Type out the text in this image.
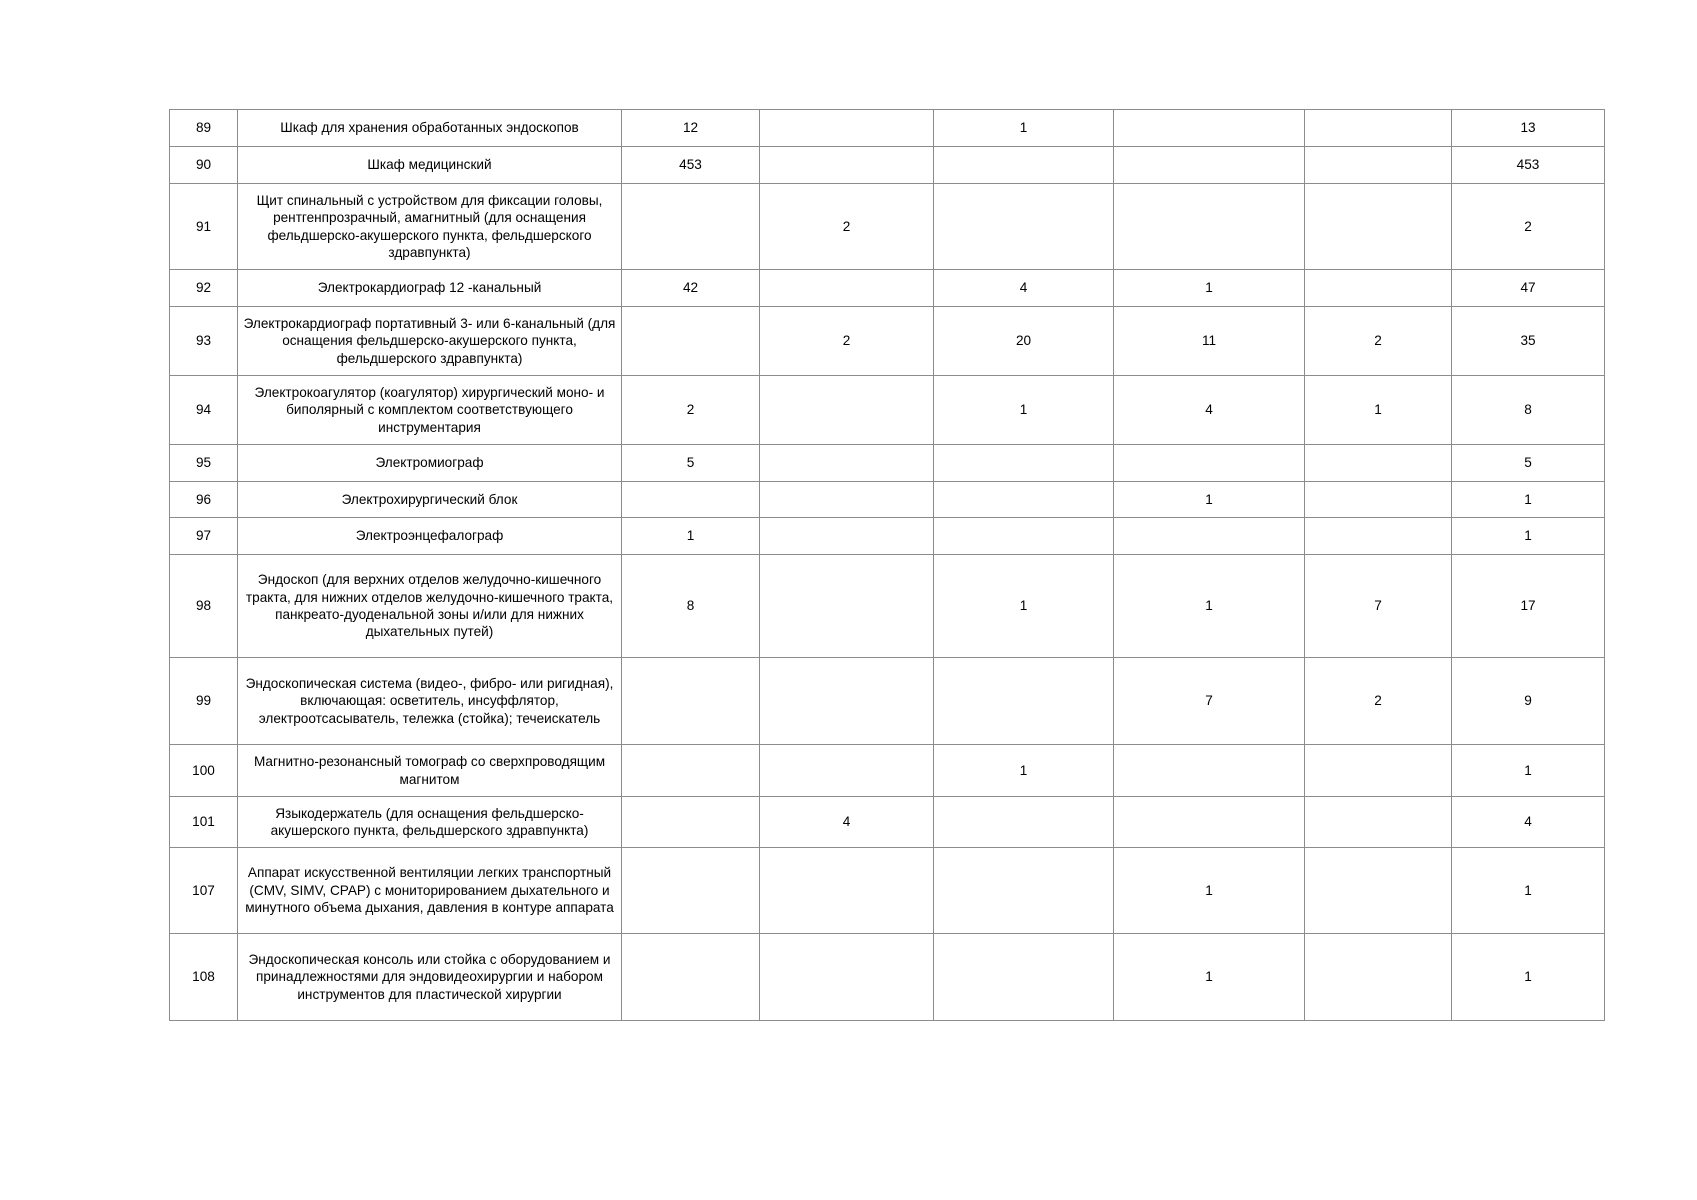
89	Шкаф для хранения обработанных эндоскопов	12		1			13
90	Шкаф медицинский	453					453
91	Щит спинальный с устройством для фиксации головы, рентгенпрозрачный, амагнитный (для оснащения фельдшерско-акушерского пункта, фельдшерского здравпункта)		2				2
92	Электрокардиограф 12 -канальный	42		4	1		47
93	Электрокардиограф портативный 3- или 6-канальный (для оснащения фельдшерско-акушерского пункта, фельдшерского здравпункта)		2	20	11	2	35
94	Электрокоагулятор (коагулятор) хирургический моно- и биполярный с комплектом соответствующего инструментария	2		1	4	1	8
95	Электромиограф	5					5
96	Электрохирургический блок				1		1
97	Электроэнцефалограф	1					1
98	Эндоскоп (для верхних отделов желудочно-кишечного тракта, для нижних отделов желудочно-кишечного тракта, панкреато-дуоденальной зоны и/или для нижних дыхательных путей)	8		1	1	7	17
99	Эндоскопическая система (видео-, фибро- или ригидная), включающая: осветитель, инсуффлятор, электроотсасыватель, тележка (стойка); течеискатель				7	2	9
100	Магнитно-резонансный томограф со сверхпроводящим магнитом			1			1
101	Языкодержатель (для оснащения фельдшерско-акушерского пункта, фельдшерского здравпункта)		4				4
107	Аппарат искусственной вентиляции легких транспортный (CMV, SIMV, CPAP) с мониторированием дыхательного и минутного объема дыхания, давления в контуре аппарата				1		1
108	Эндоскопическая консоль или стойка с оборудованием и принадлежностями для эндовидеохирургии и набором инструментов для пластической хирургии				1		1
